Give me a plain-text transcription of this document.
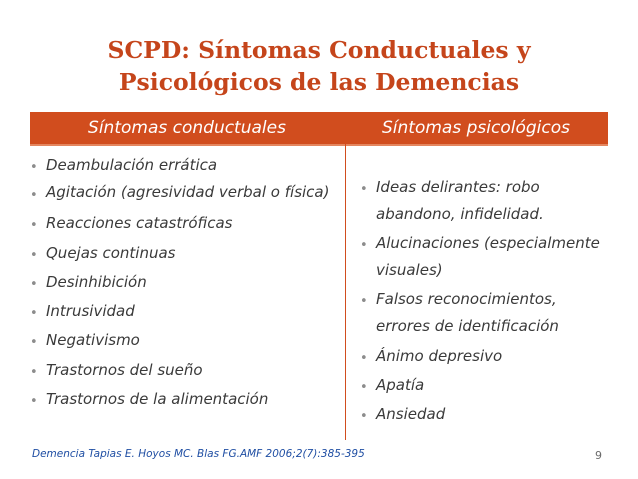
SCPD: Síntomas Conductuales y
Psicológicos de las Demencias
Síntomas conductuales	Síntomas psicológicos
• Deambulación errática
• Agitación (agresividad verbal o física)
• Reacciones catastróficas
• Quejas continuas
• Desinhibición
• Intrusividad
• Negativismo
• Trastornos del sueño
• Trastornos de la alimentación
• Ideas delirantes: robo abandono, infidelidad.
• Alucinaciones (especialmente visuales)
• Falsos reconocimientos, errores de identificación
• Ánimo depresivo
• Apatía
• Ansiedad
Demencia Tapias E. Hoyos MC. Blas FG.AMF 2006;2(7):385-395	9
